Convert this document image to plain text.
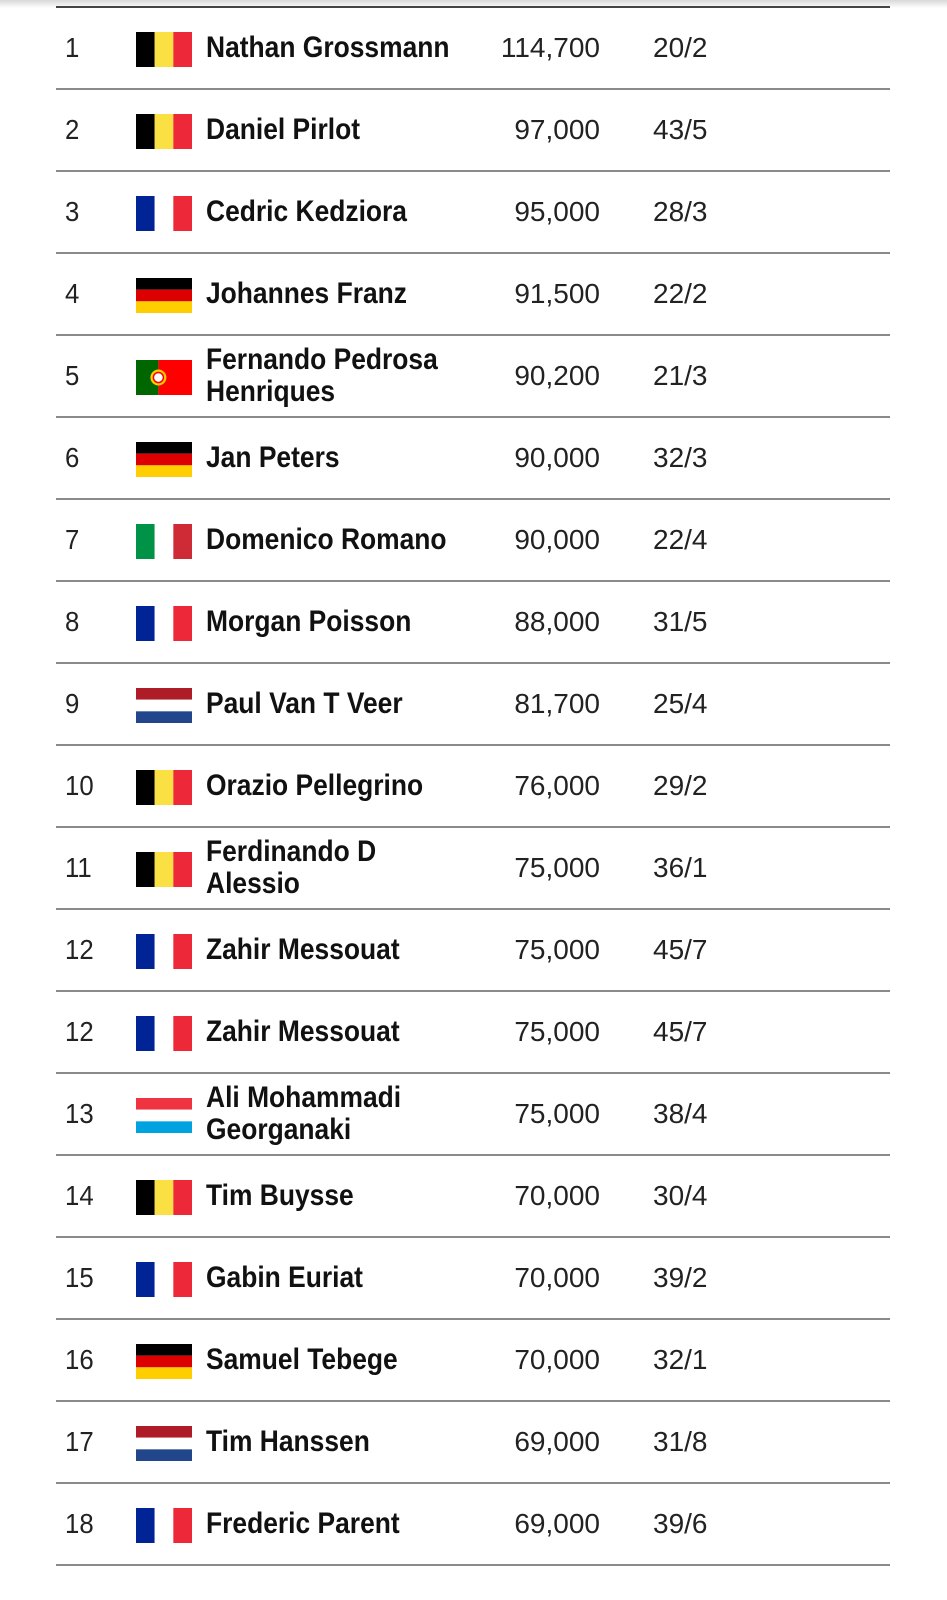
1	Nathan Grossmann	114,700 20/2
2	Daniel Pirlot	97,000 43/5
3	Cedric Kedziora	95,000 28/3
4	Johannes Franz	91,500 22/2
5	Fernando Pedrosa Henriques	90,200 21/3
6	Jan Peters	90,000 32/3
7	Domenico Romano	90,000 22/4
8	Morgan Poisson	88,000 31/5
9	Paul Van T Veer	81,700 25/4
10	Orazio Pellegrino	76,000 29/2
11	Ferdinando D Alessio	75,000 36/1
12	Zahir Messouat	75,000 45/7
12	Zahir Messouat	75,000 45/7
13	Ali Mohammadi Georganaki	75,000 38/4
14	Tim Buysse	70,000 30/4
15	Gabin Euriat	70,000 39/2
16	Samuel Tebege	70,000 32/1
17	Tim Hanssen	69,000 31/8
18	Frederic Parent	69,000 39/6
